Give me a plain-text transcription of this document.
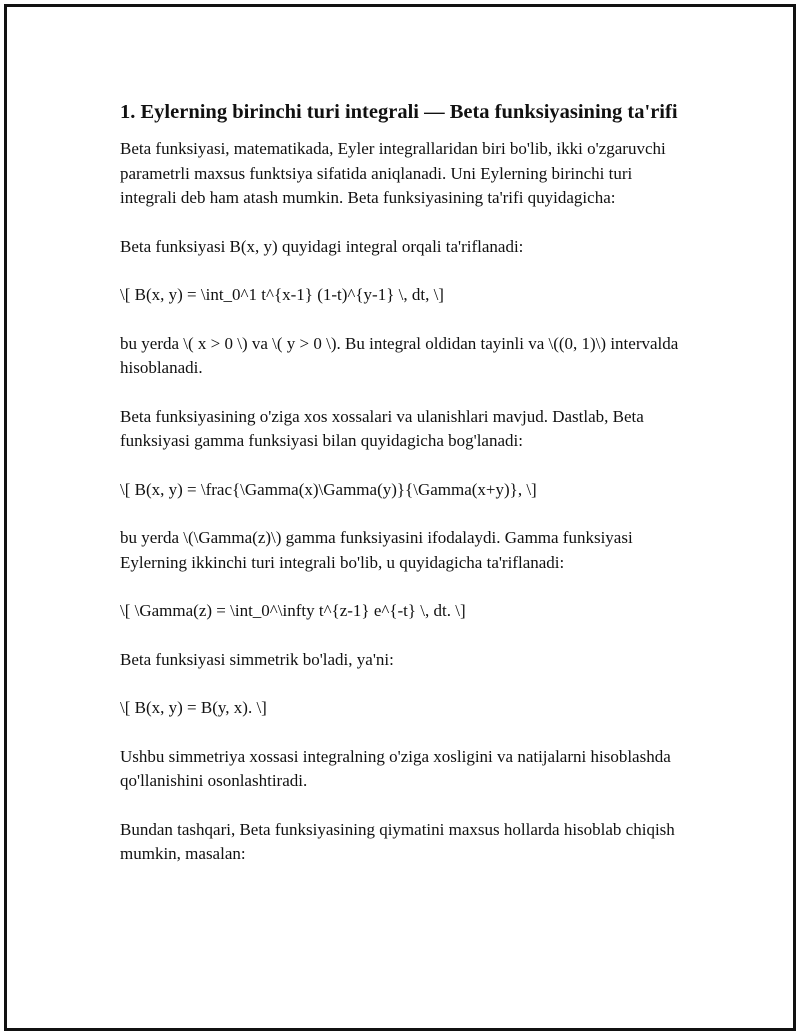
1. Eylerning birinchi turi integrali — Beta funksiyasining ta'rifi

Beta funksiyasi, matematikada, Eyler integrallaridan biri bo'lib, ikki o'zgaruvchi parametrli maxsus funktsiya sifatida aniqlanadi. Uni Eylerning birinchi turi integrali deb ham atash mumkin. Beta funksiyasining ta'rifi quyidagicha:

Beta funksiyasi B(x, y) quyidagi integral orqali ta'riflanadi:

\[ B(x, y) = \int_0^1 t^{x-1} (1-t)^{y-1} \, dt, \]

bu yerda \( x > 0 \) va \( y > 0 \). Bu integral oldidan tayinli va \((0, 1)\) intervalda hisoblanadi.

Beta funksiyasining o'ziga xos xossalari va ulanishlari mavjud. Dastlab, Beta funksiyasi gamma funksiyasi bilan quyidagicha bog'lanadi:

\[ B(x, y) = \frac{\Gamma(x)\Gamma(y)}{\Gamma(x+y)}, \]

bu yerda \(\Gamma(z)\) gamma funksiyasini ifodalaydi. Gamma funksiyasi Eylerning ikkinchi turi integrali bo'lib, u quyidagicha ta'riflanadi:

\[ \Gamma(z) = \int_0^\infty t^{z-1} e^{-t} \, dt. \]

Beta funksiyasi simmetrik bo'ladi, ya'ni:

\[ B(x, y) = B(y, x). \]

Ushbu simmetriya xossasi integralning o'ziga xosligini va natijalarni hisoblashda qo'llanishini osonlashtiradi.

Bundan tashqari, Beta funksiyasining qiymatini maxsus hollarda hisoblab chiqish mumkin, masalan:
